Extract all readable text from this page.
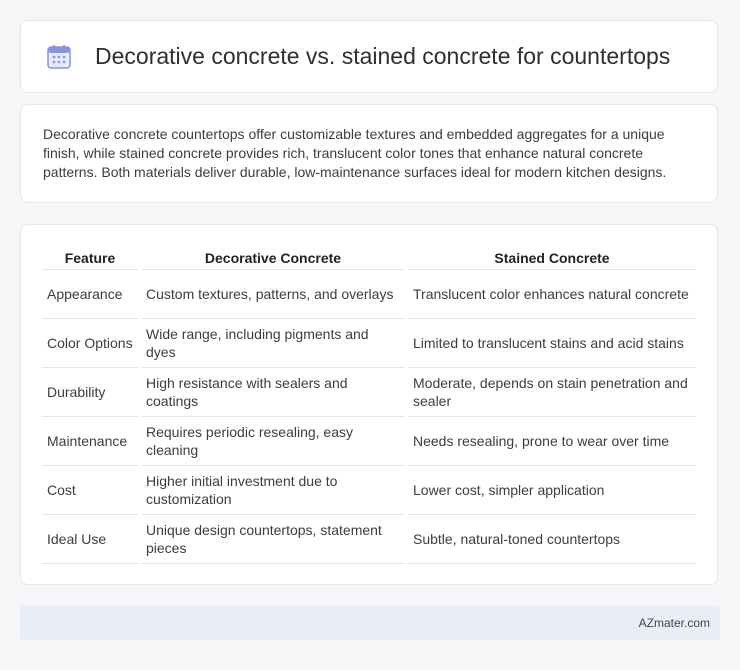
Decorative concrete vs. stained concrete for countertops

Decorative concrete countertops offer customizable textures and embedded aggregates for a unique finish, while stained concrete provides rich, translucent color tones that enhance natural concrete patterns. Both materials deliver durable, low-maintenance surfaces ideal for modern kitchen designs.

Feature	Decorative Concrete	Stained Concrete
Appearance	Custom textures, patterns, and overlays	Translucent color enhances natural concrete
Color Options	Wide range, including pigments and dyes	Limited to translucent stains and acid stains
Durability	High resistance with sealers and coatings	Moderate, depends on stain penetration and sealer
Maintenance	Requires periodic resealing, easy cleaning	Needs resealing, prone to wear over time
Cost	Higher initial investment due to customization	Lower cost, simpler application
Ideal Use	Unique design countertops, statement pieces	Subtle, natural-toned countertops
AZmater.com
